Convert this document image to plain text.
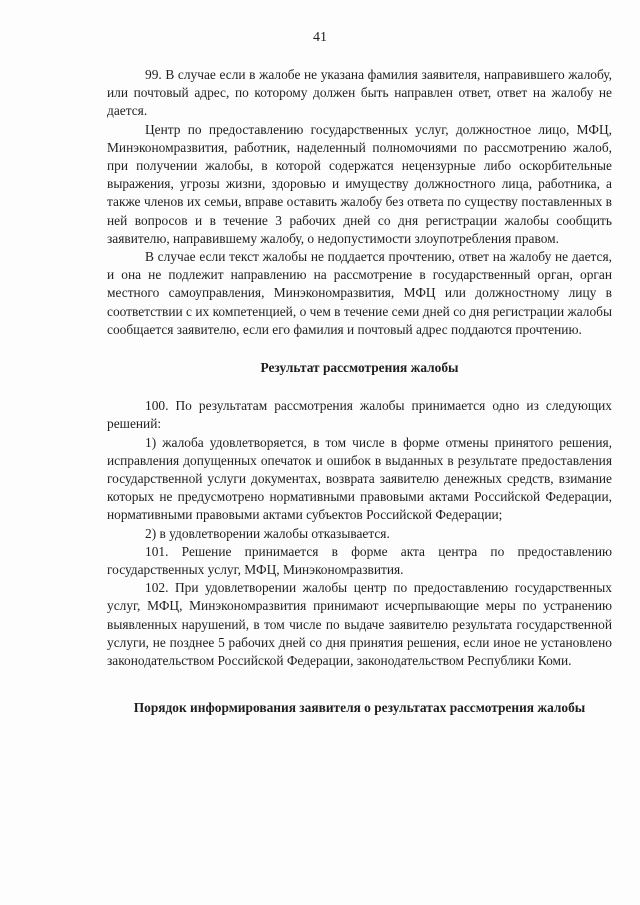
41

99. В случае если в жалобе не указана фамилия заявителя, направившего жалобу, или почтовый адрес, по которому должен быть направлен ответ, ответ на жалобу не дается.

Центр по предоставлению государственных услуг, должностное лицо, МФЦ, Минэкономразвития, работник, наделенный полномочиями по рассмотрению жалоб, при получении жалобы, в которой содержатся нецензурные либо оскорбительные выражения, угрозы жизни, здоровью и имуществу должностного лица, работника, а также членов их семьи, вправе оставить жалобу без ответа по существу поставленных в ней вопросов и в течение 3 рабочих дней со дня регистрации жалобы сообщить заявителю, направившему жалобу, о недопустимости злоупотребления правом.

В случае если текст жалобы не поддается прочтению, ответ на жалобу не дается, и она не подлежит направлению на рассмотрение в государственный орган, орган местного самоуправления, Минэкономразвития, МФЦ или должностному лицу в соответствии с их компетенцией, о чем в течение семи дней со дня регистрации жалобы сообщается заявителю, если его фамилия и почтовый адрес поддаются прочтению.

Результат рассмотрения жалобы

100. По результатам рассмотрения жалобы принимается одно из следующих решений:

1) жалоба удовлетворяется, в том числе в форме отмены принятого решения, исправления допущенных опечаток и ошибок в выданных в результате предоставления государственной услуги документах, возврата заявителю денежных средств, взимание которых не предусмотрено нормативными правовыми актами Российской Федерации, нормативными правовыми актами субъектов Российской Федерации;

2) в удовлетворении жалобы отказывается.

101. Решение принимается в форме акта центра по предоставлению государственных услуг, МФЦ, Минэкономразвития.

102. При удовлетворении жалобы центр по предоставлению государственных услуг, МФЦ, Минэкономразвития принимают исчерпывающие меры по устранению выявленных нарушений, в том числе по выдаче заявителю результата государственной услуги, не позднее 5 рабочих дней со дня принятия решения, если иное не установлено законодательством Российской Федерации, законодательством Республики Коми.

Порядок информирования заявителя о результатах рассмотрения жалобы
